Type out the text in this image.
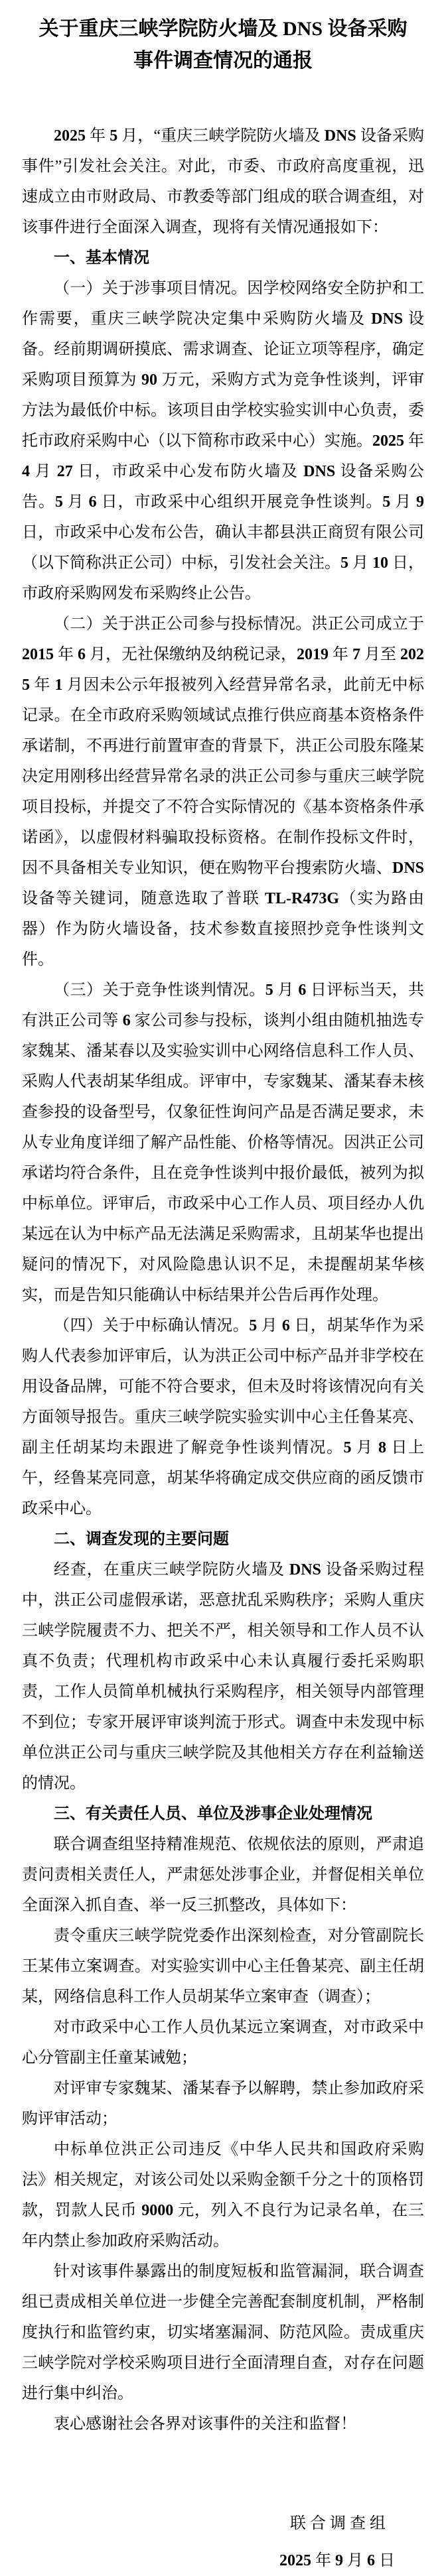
关于重庆三峡学院防火墙及 DNS 设备采购
事件调查情况的通报

2025 年 5 月，“重庆三峡学院防火墙及 DNS 设备采购事件”引发社会关注。对此，市委、市政府高度重视，迅速成立由市财政局、市教委等部门组成的联合调查组，对该事件进行全面深入调查，现将有关情况通报如下：

一、基本情况

（一）关于涉事项目情况。因学校网络安全防护和工作需要，重庆三峡学院决定集中采购防火墙及 DNS 设备。经前期调研摸底、需求调查、论证立项等程序，确定采购项目预算为 90 万元，采购方式为竞争性谈判，评审方法为最低价中标。该项目由学校实验实训中心负责，委托市政府采购中心（以下简称市政采中心）实施。2025 年 4 月 27 日，市政采中心发布防火墙及 DNS 设备采购公告。5 月 6 日，市政采中心组织开展竞争性谈判。5 月 9 日，市政采中心发布公告，确认丰都县洪正商贸有限公司（以下简称洪正公司）中标，引发社会关注。5 月 10 日，市政府采购网发布采购终止公告。

（二）关于洪正公司参与投标情况。洪正公司成立于 2015 年 6 月，无社保缴纳及纳税记录，2019 年 7 月至 2025 年 1 月因未公示年报被列入经营异常名录，此前无中标记录。在全市政府采购领域试点推行供应商基本资格条件承诺制，不再进行前置审查的背景下，洪正公司股东隆某决定用刚移出经营异常名录的洪正公司参与重庆三峡学院项目投标，并提交了不符合实际情况的《基本资格条件承诺函》，以虚假材料骗取投标资格。在制作投标文件时，因不具备相关专业知识，便在购物平台搜索防火墙、DNS 设备等关键词，随意选取了普联 TL-R473G（实为路由器）作为防火墙设备，技术参数直接照抄竞争性谈判文件。

（三）关于竞争性谈判情况。5 月 6 日评标当天，共有洪正公司等 6 家公司参与投标，谈判小组由随机抽选专家魏某、潘某春以及实验实训中心网络信息科工作人员、采购人代表胡某华组成。评审中，专家魏某、潘某春未核查参投的设备型号，仅象征性询问产品是否满足要求，未从专业角度详细了解产品性能、价格等情况。因洪正公司承诺均符合条件，且在竞争性谈判中报价最低，被列为拟中标单位。评审后，市政采中心工作人员、项目经办人仇某远在认为中标产品无法满足采购需求，且胡某华也提出疑问的情况下，对风险隐患认识不足，未提醒胡某华核实，而是告知只能确认中标结果并公告后再作处理。

（四）关于中标确认情况。5 月 6 日，胡某华作为采购人代表参加评审后，认为洪正公司中标产品并非学校在用设备品牌，可能不符合要求，但未及时将该情况向有关方面领导报告。重庆三峡学院实验实训中心主任鲁某亮、副主任胡某均未跟进了解竞争性谈判情况。5 月 8 日上午，经鲁某亮同意，胡某华将确定成交供应商的函反馈市政采中心。

二、调查发现的主要问题

经查，在重庆三峡学院防火墙及 DNS 设备采购过程中，洪正公司虚假承诺，恶意扰乱采购秩序；采购人重庆三峡学院履责不力、把关不严，相关领导和工作人员不认真不负责；代理机构市政采中心未认真履行委托采购职责，工作人员简单机械执行采购程序，相关领导内部管理不到位；专家开展评审谈判流于形式。调查中未发现中标单位洪正公司与重庆三峡学院及其他相关方存在利益输送的情况。

三、有关责任人员、单位及涉事企业处理情况

联合调查组坚持精准规范、依规依法的原则，严肃追责问责相关责任人，严肃惩处涉事企业，并督促相关单位全面深入抓自查、举一反三抓整改，具体如下：

责令重庆三峡学院党委作出深刻检查，对分管副院长王某伟立案调查。对实验实训中心主任鲁某亮、副主任胡某，网络信息科工作人员胡某华立案审查（调查）；

对市政采中心工作人员仇某远立案调查，对市政采中心分管副主任童某诫勉；

对评审专家魏某、潘某春予以解聘，禁止参加政府采购评审活动；

中标单位洪正公司违反《中华人民共和国政府采购法》相关规定，对该公司处以采购金额千分之十的顶格罚款，罚款人民币 9000 元，列入不良行为记录名单，在三年内禁止参加政府采购活动。

针对该事件暴露出的制度短板和监管漏洞，联合调查组已责成相关单位进一步健全完善配套制度机制，严格制度执行和监管约束，切实堵塞漏洞、防范风险。责成重庆三峡学院对学校采购项目进行全面清理自查，对存在问题进行集中纠治。

衷心感谢社会各界对该事件的关注和监督！

联 合 调 查 组

2025 年 9 月 6 日
